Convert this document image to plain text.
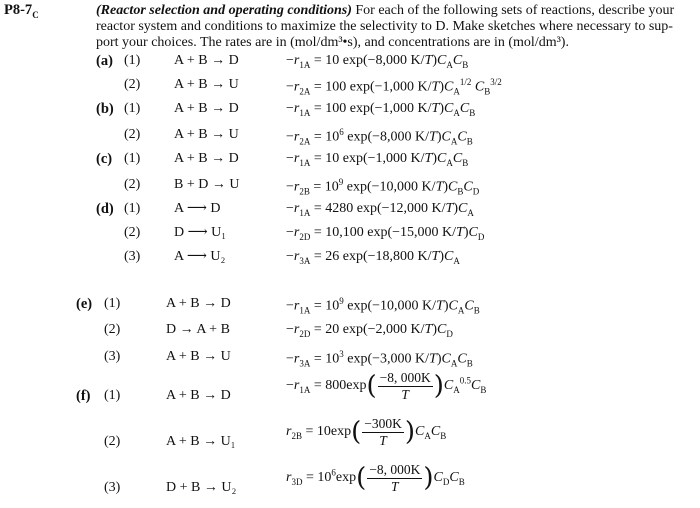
$P8-7_C$	(Reactor selection and operating conditions) For each of the following sets of reactions, describe your
reactor system and conditions to maximize the selectivity to D. Make sketches where necessary to sup-
port your choices. The rates are in (mol/dm³•s), and concentrations are in (mol/dm³).
(a) (1) A + B → D	$-r_{1A} = 10$ exp(−8,000 $K/T)C_AC_B$
(2) A + B → U	$-r_{2A} = 100$ exp(−1,000 $K/T)C_A^{1/2}$ $C_B^{3/2}$
(b) (1) A + B → D	$-r_{1A} = 100$ exp(−1,000 $K/T)C_AC_B$
(2) A + B → U	$-r_{2A} = 10^6$ exp(−8,000 $K/T)C_AC_B$
(c) (1) A + B → D	$-r_{1A} = 10$ exp(−1,000 $K/T)C_AC_B$
(2) B + D → U	$-r_{2B} = 10^9$ exp(−10,000 $K/T)C_BC_D$
(d) (1) A ⟶ D	$-r_{1A} = 4280$ exp(−12,000 $K/T)C_A$
(2) D ⟶ U₁	$-r_{2D} = 10,100$ exp(−15,000 $K/T)C_D$
(3) A ⟶ U₂	$-r_{3A} = 26$ exp(−18,800 $K/T)C_A$
(e) (1)	A + B → D	$-r_{1A} = 10^9$ exp(−10,000 $K/T)C_AC_B$
(2)	D → A + B	$-r_{2D} = 20$ exp(−2,000 $K/T)C_D$
(3)	A + B → U	$-r_{3A} = 10^3$ exp(−3,000 $K/T)C_AC_B$
(f) (1)	A + B → D
$-r_{1A} = 800\exp( \frac{-8, 000K}{T} )C_A^{0.5}C_B$
(2)	A + B → U₁
$r_{2B} = 10\exp( \frac{-300K}{T} )C_AC_B$
(3)	D + B → U₂
$r_{3D} = 10^6\exp( \frac{-8, 000K}{T} )C_DC_B$
